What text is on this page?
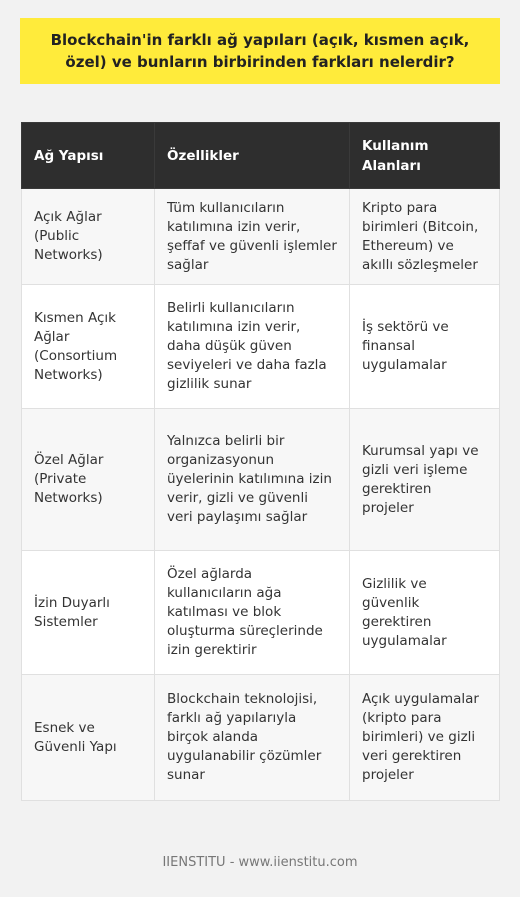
Blockchain'in farklı ağ yapıları (açık, kısmen açık, özel) ve bunların birbirinden farkları nelerdir?
Ağ Yapısı	Özellikler	Kullanım Alanları
Açık Ağlar (Public Networks)	Tüm kullanıcıların katılımına izin verir, şeffaf ve güvenli işlemler sağlar	Kripto para birimleri (Bitcoin, Ethereum) ve akıllı sözleşmeler
Kısmen Açık Ağlar (Consortium Networks)	Belirli kullanıcıların katılımına izin verir, daha düşük güven seviyeleri ve daha fazla gizlilik sunar	İş sektörü ve finansal uygulamalar
Özel Ağlar (Private Networks)	Yalnızca belirli bir organizasyonun üyelerinin katılımına izin verir, gizli ve güvenli veri paylaşımı sağlar	Kurumsal yapı ve gizli veri işleme gerektiren projeler
İzin Duyarlı Sistemler	Özel ağlarda kullanıcıların ağa katılması ve blok oluşturma süreçlerinde izin gerektirir	Gizlilik ve güvenlik gerektiren uygulamalar
Esnek ve Güvenli Yapı	Blockchain teknolojisi, farklı ağ yapılarıyla birçok alanda uygulanabilir çözümler sunar	Açık uygulamalar (kripto para birimleri) ve gizli veri gerektiren projeler
IIENSTITU - www.iienstitu.com
